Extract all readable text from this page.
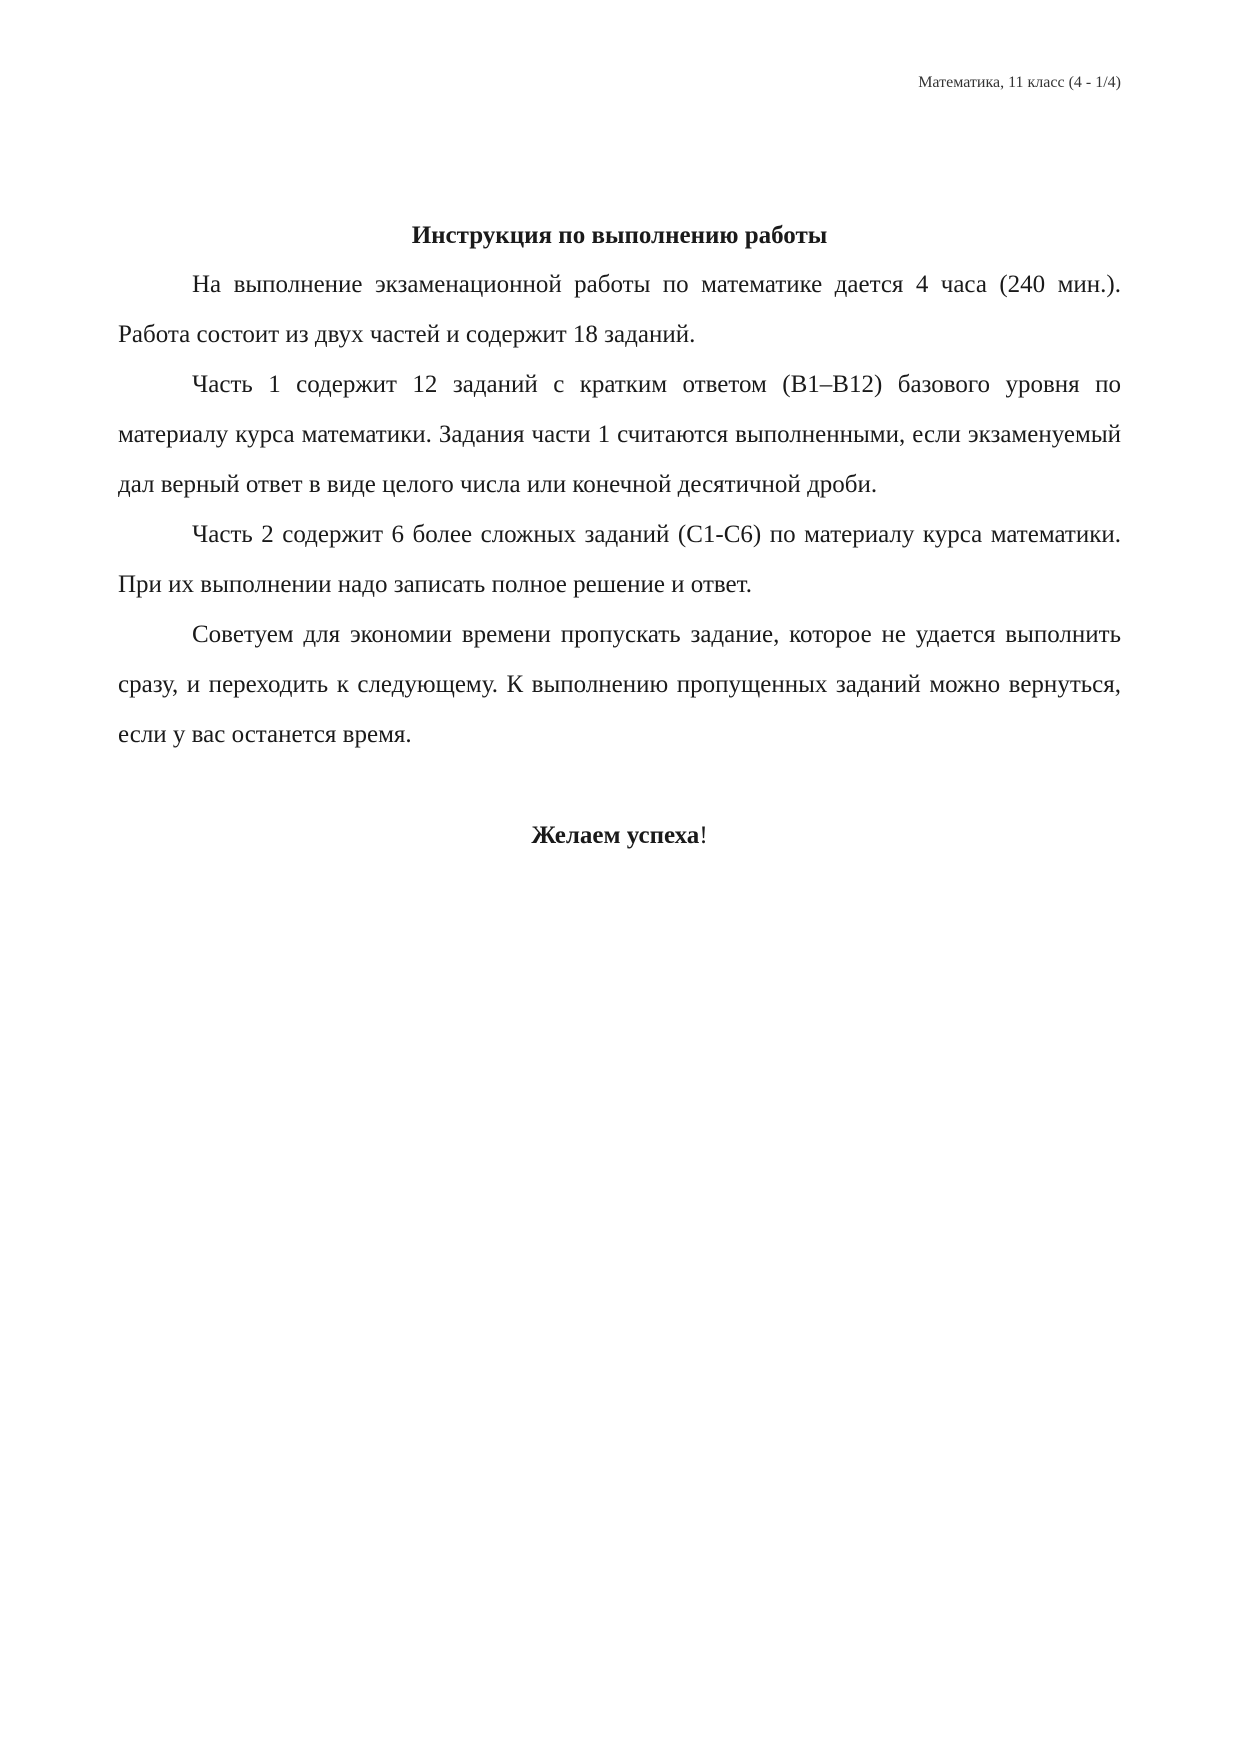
Математика, 11 класс (4 - 1/4)
Инструкция по выполнению работы

На выполнение экзаменационной работы по математике дается 4 часа (240 мин.). Работа состоит из двух частей и содержит 18 заданий.

Часть 1 содержит 12 заданий с кратким ответом (В1–В12) базового уровня по материалу курса математики. Задания части 1 считаются выполненными, если экзаменуемый дал верный ответ в виде целого числа или конечной десятичной дроби.

Часть 2 содержит 6 более сложных заданий (С1-С6) по материалу курса математики. При их выполнении надо записать полное решение и ответ.

Советуем для экономии времени пропускать задание, которое не удается выполнить сразу, и переходить к следующему. К выполнению пропущенных заданий можно вернуться, если у вас останется время.

Желаем успеха!
